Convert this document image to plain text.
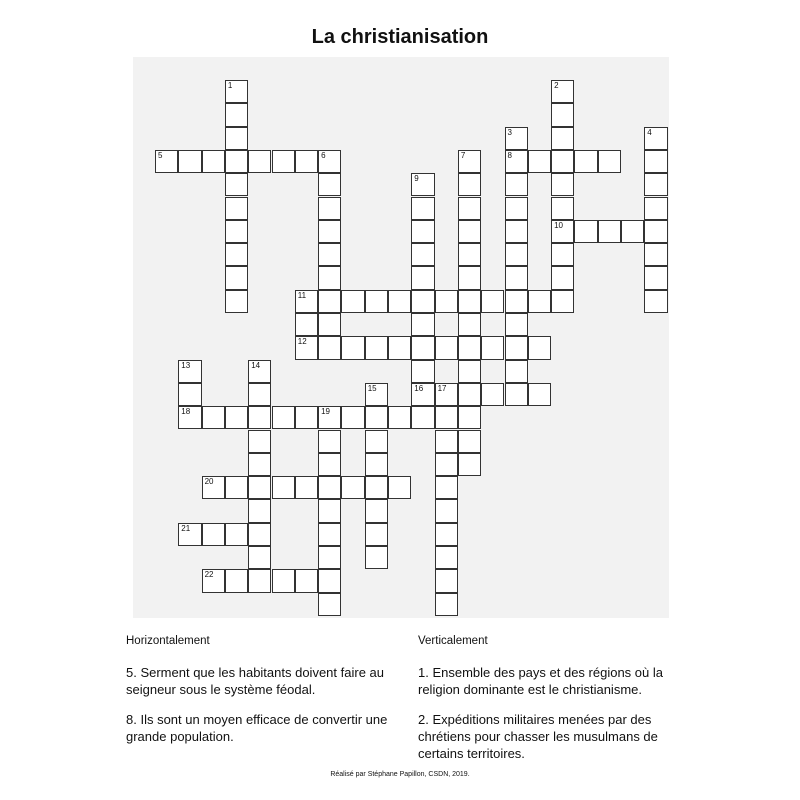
La christianisation
1	2
10
3
8
4
5	6	7
9
16
11
12
13
18
14
15	17
19
20
21
22
Horizontalement	Verticalement
5. Serment que les habitants doivent faire au seigneur sous le système féodal.
8. Ils sont un moyen efficace de convertir une grande population.
1. Ensemble des pays et des régions où la religion dominante est le christianisme.
2. Expéditions militaires menées par des chrétiens pour chasser les musulmans de certains territoires.
Réalisé par Stéphane Papillon, CSDN, 2019.
